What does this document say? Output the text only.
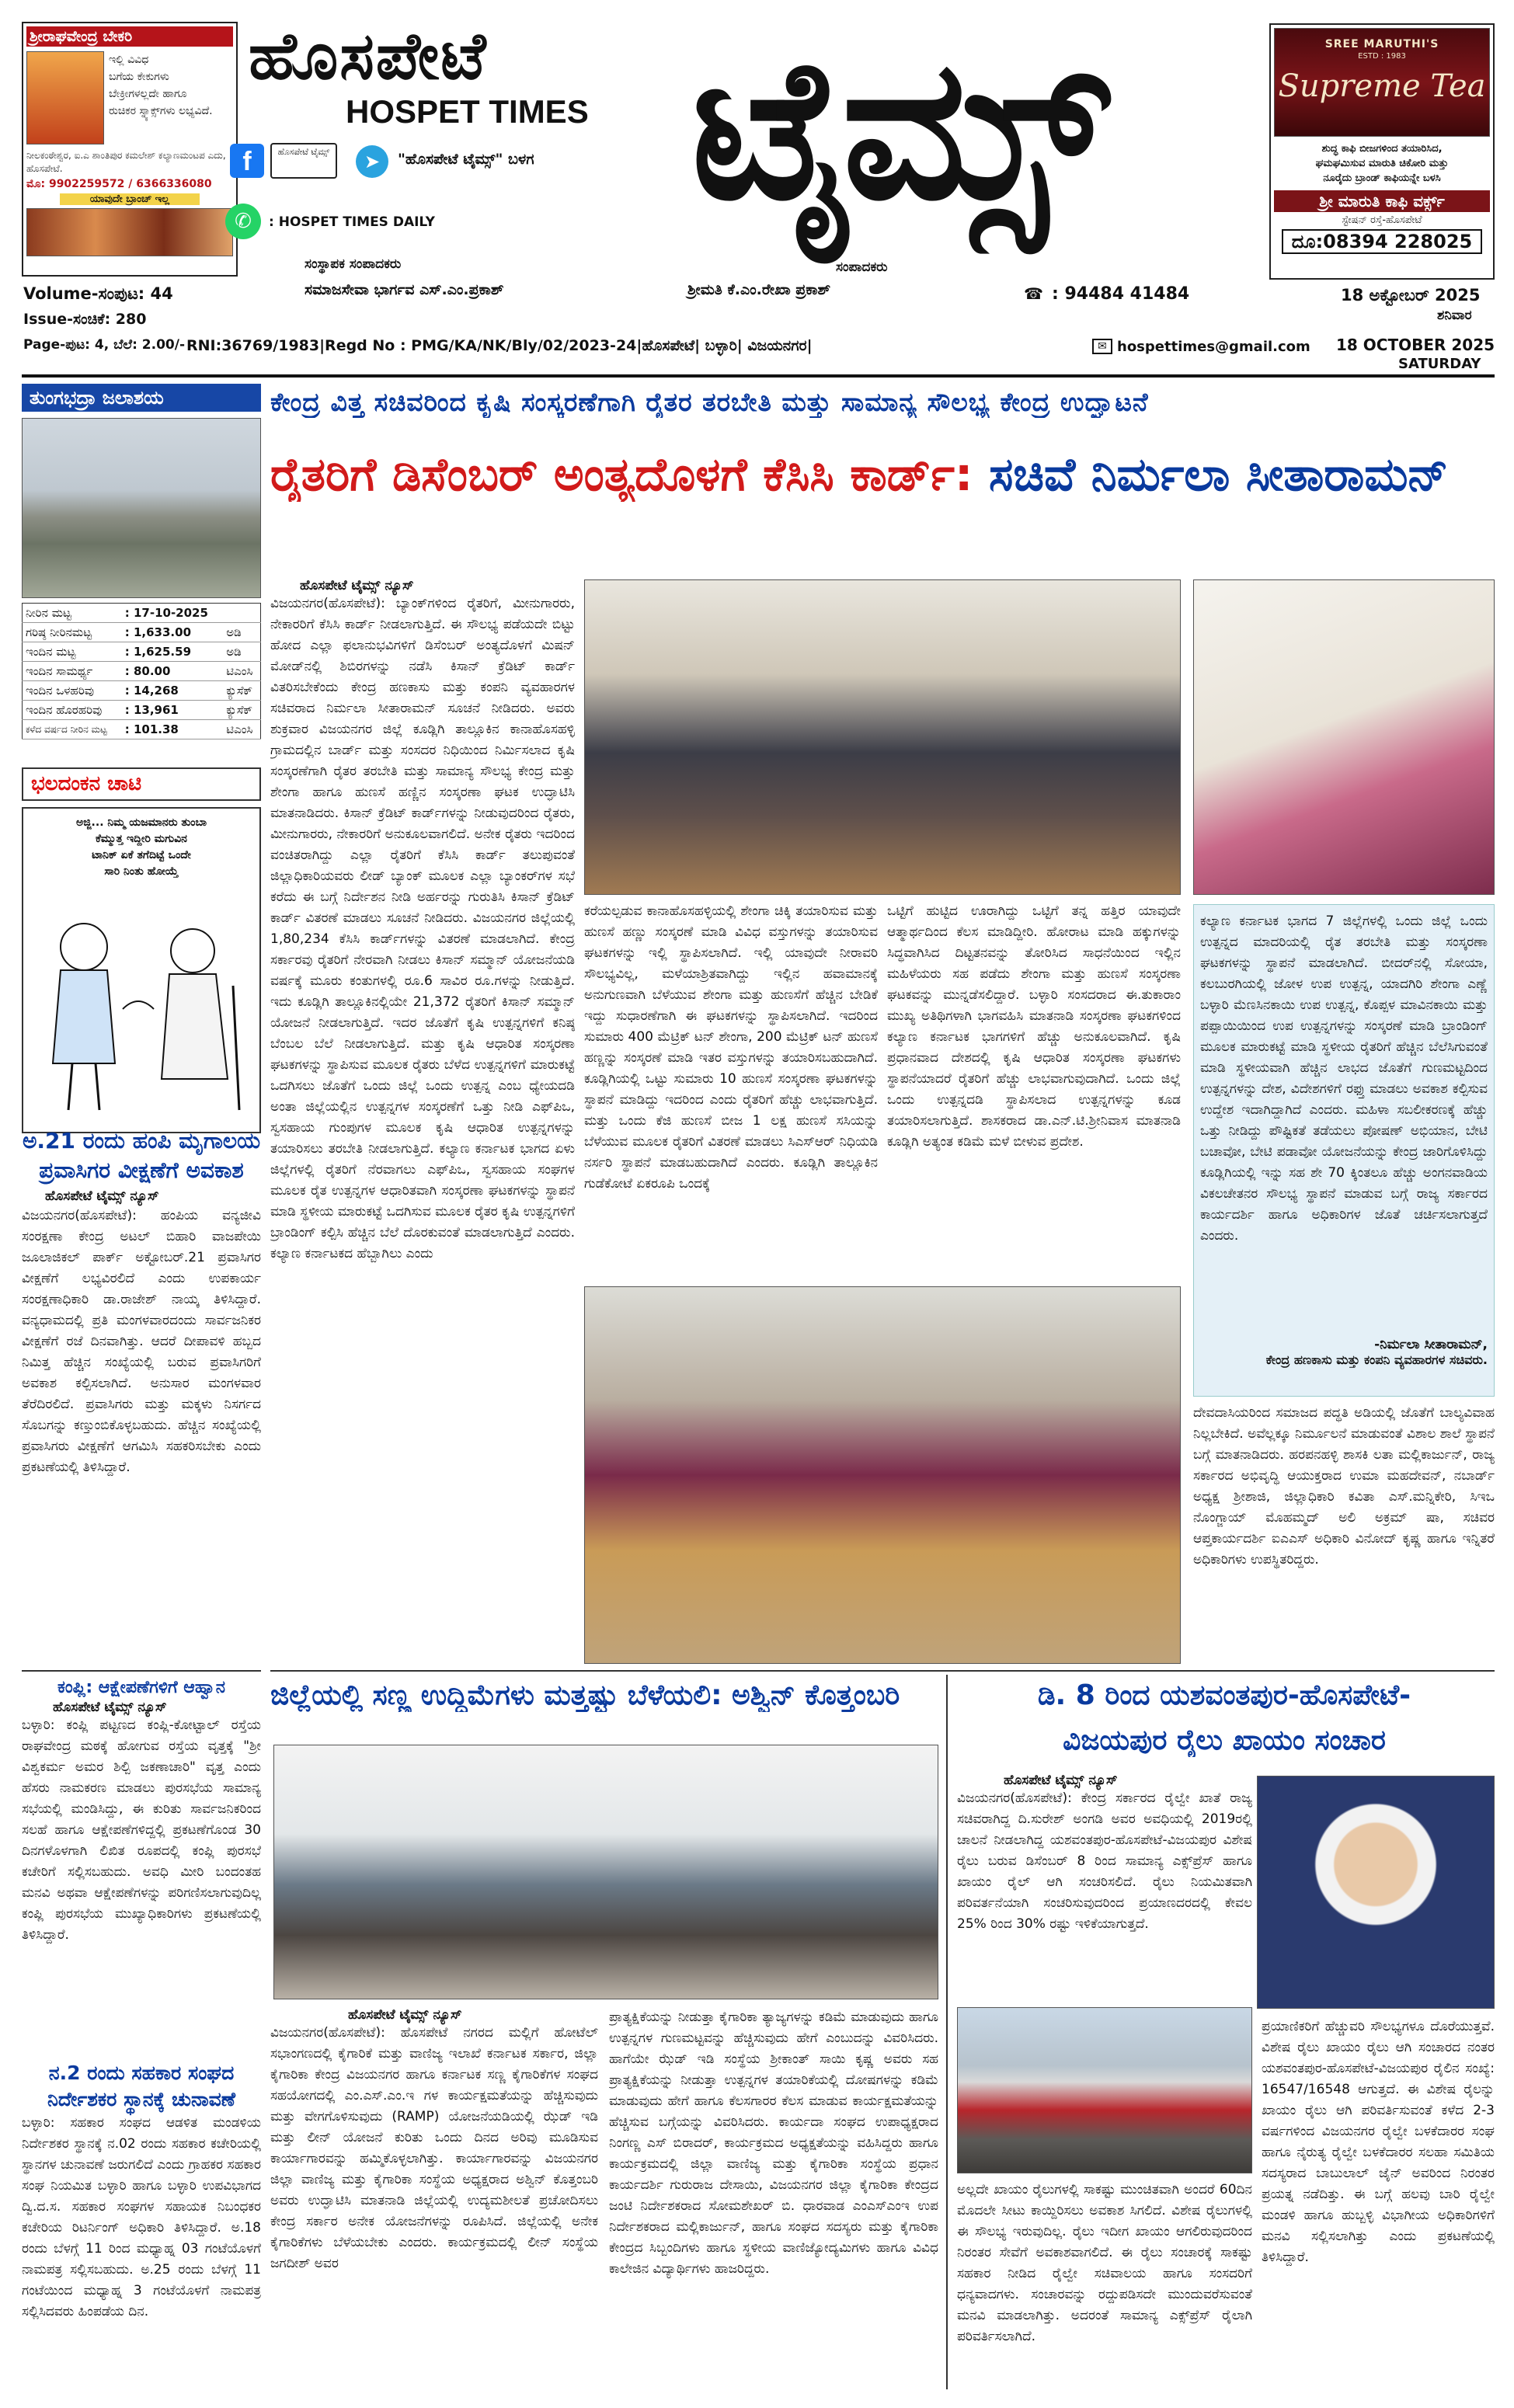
ಶ್ರೀರಾಘವೇಂದ್ರ ಬೇಕರಿ
ಇಲ್ಲಿ ವಿವಿಧ
ಬಗೆಯ ಕೇಕುಗಳು
ಬೇಕ್ರೀಗಳಲ್ಲದೇ ಹಾಗೂ
ರುಚಿಕರ ಸ್ನ್ಯಾಕ್ಸ್‌ಗಳು ಲಭ್ಯವಿದೆ.
ನೀಲಕಂಠೇಶ್ವರ, ಐ.ಎ ಶಾಂತಿಪುರ ಕಮಲೇಶ್ ಕಲ್ಯಾಣಮಂಟಪ ಎದು, ಹೊಸಪೇಟೆ.
ಮೊ: 9902259572 / 6366336080
ಯಾವುದೇ ಬ್ರಾಂಚ್ ಇಲ್ಲ
ಹೊಸಪೇಟೆ
HOSPET TIMES
f	ಹೊಸಪೇಟೆ ಟೈಮ್ಸ್	➤	"ಹೊಸಪೇಟೆ ಟೈಮ್ಸ್" ಬಳಗ
✆	: HOSPET TIMES DAILY ಟೈಮ್ಸ್	SREE MARUTHI'S
ESTD : 1983
Supreme Tea
ಶುದ್ಧ ಕಾಫಿ ಬೀಜಗಳಿಂದ ತಯಾರಿಸಿದ,
ಘಮಘಮಿಸುವ ಮಾರುತಿ ಚಿಕೋರಿ ಮತ್ತು
ನೂರೈದು ಬ್ರಾಂಡ್ ಕಾಫಿಯನ್ನೇ ಬಳಸಿ
ಶ್ರೀ ಮಾರುತಿ ಕಾಫಿ ವರ್ಕ್ಸ್
ಸ್ಟೇಷನ್ ರಸ್ತೆ-ಹೊಸಪೇಟೆ
ದೂ:08394 228025
ಸಂಸ್ಥಾಪಕ ಸಂಪಾದಕರು	ಸಂಪಾದಕರು
ಸಮಾಜಸೇವಾ ಭಾರ್ಗವ ಎಸ್.ಎಂ.ಪ್ರಕಾಶ್	ಶ್ರೀಮತಿ ಕೆ.ಎಂ.ರೇಖಾ ಪ್ರಕಾಶ್	☎ : 94484 41484
Volume-ಸಂಪುಟ: 44
Issue-ಸಂಚಿಕೆ: 280
Page-ಪುಟ: 4, ಬೆಲೆ: 2.00/- RNI:36769/1983|Regd No : PMG/KA/NK/Bly/02/2023-24|ಹೊಸಪೇಟೆ| ಬಳ್ಳಾರಿ| ವಿಜಯನಗರ|	✉ hospettimes@gmail.com
18 ಅಕ್ಟೋಬರ್ 2025
ಶನಿವಾರ
18 OCTOBER 2025
SATURDAY
ತುಂಗಭದ್ರಾ ಜಲಾಶಯ
ನೀರಿನ ಮಟ್ಟ	: 17-10-2025	
ಗರಿಷ್ಠ ನೀರಿನಮಟ್ಟ	: 1,633.00	ಅಡಿ
ಇಂದಿನ ಮಟ್ಟ	: 1,625.59	ಅಡಿ
ಇಂದಿನ ಸಾಮರ್ಥ್ಯ	: 80.00	ಟಿಎಂಸಿ
ಇಂದಿನ ಒಳಹರಿವು	: 14,268	ಕ್ಯುಸೆಕ್
ಇಂದಿನ ಹೊರಹರಿವು	: 13,961	ಕ್ಯುಸೆಕ್
ಕಳೆದ ವರ್ಷದ ನೀರಿನ ಮಟ್ಟ	: 101.38	ಟಿಎಂಸಿ
ಭಲದಂಕನ ಚಾಟಿ
ಅಜ್ಜಿ... ನಿಮ್ಮ ಯಜಮಾನರು ತುಂಬಾ
ಕೆಮ್ಮುತ್ತ ಇದ್ದೀರಿ ಮಗುವಿನ
ಟಾನಿಕ್ ಏಕೆ ತಗೆದಿಟ್ಟೆ ಒಂದೇ
ಸಾರಿ ನಿಂತು ಹೋಯ್ತೆ
ಅ.21 ರಂದು ಹಂಪಿ ಮೃಗಾಲಯ ಪ್ರವಾಸಿಗರ ವೀಕ್ಷಣೆಗೆ ಅವಕಾಶ
ಹೊಸಪೇಟೆ ಟೈಮ್ಸ್ ನ್ಯೂಸ್
ವಿಜಯನಗರ(ಹೊಸಪೇಟೆ): ಹಂಪಿಯ ವನ್ಯಜೀವಿ ಸಂರಕ್ಷಣಾ ಕೇಂದ್ರ ಅಟಲ್ ಬಿಹಾರಿ ವಾಜಪೇಯಿ ಜೂಲಾಜಿಕಲ್ ಪಾರ್ಕ್ ಅಕ್ಟೋಬರ್.21 ಪ್ರವಾಸಿಗರ ವೀಕ್ಷಣೆಗೆ ಲಭ್ಯವಿರಲಿದೆ ಎಂದು ಉಪಕಾರ್ಯ ಸಂರಕ್ಷಣಾಧಿಕಾರಿ ಡಾ.ರಾಜೇಶ್ ನಾಯ್ಕ ತಿಳಿಸಿದ್ದಾರೆ. ವನ್ಯಧಾಮದಲ್ಲಿ ಪ್ರತಿ ಮಂಗಳವಾರದಂದು ಸಾರ್ವಜನಿಕರ ವೀಕ್ಷಣೆಗೆ ರಜೆ ದಿನವಾಗಿತ್ತು. ಆದರೆ ದೀಪಾವಳಿ ಹಬ್ಬದ ನಿಮಿತ್ತ ಹೆಚ್ಚಿನ ಸಂಖ್ಯೆಯಲ್ಲಿ ಬರುವ ಪ್ರವಾಸಿಗರಿಗೆ ಅವಕಾಶ ಕಲ್ಪಿಸಲಾಗಿದೆ. ಅನುಸಾರ ಮಂಗಳವಾರ ತೆರೆದಿರಲಿದೆ. ಪ್ರವಾಸಿಗರು ಮತ್ತು ಮಕ್ಕಳು ನಿಸರ್ಗದ ಸೊಬಗನ್ನು ಕಣ್ತುಂಬಿಕೊಳ್ಳಬಹುದು. ಹೆಚ್ಚಿನ ಸಂಖ್ಯೆಯಲ್ಲಿ ಪ್ರವಾಸಿಗರು ವೀಕ್ಷಣೆಗೆ ಆಗಮಿಸಿ ಸಹಕರಿಸಬೇಕು ಎಂದು ಪ್ರಕಟಣೆಯಲ್ಲಿ ತಿಳಿಸಿದ್ದಾರೆ.
ಕೇಂದ್ರ ವಿತ್ತ ಸಚಿವರಿಂದ ಕೃಷಿ ಸಂಸ್ಕರಣೆಗಾಗಿ ರೈತರ ತರಬೇತಿ ಮತ್ತು ಸಾಮಾನ್ಯ ಸೌಲಭ್ಯ ಕೇಂದ್ರ ಉದ್ಘಾಟನೆ
ರೈತರಿಗೆ ಡಿಸೆಂಬರ್ ಅಂತ್ಯದೊಳಗೆ ಕೆಸಿಸಿ ಕಾರ್ಡ್: ಸಚಿವೆ ನಿರ್ಮಲಾ ಸೀತಾರಾಮನ್
ಹೊಸಪೇಟೆ ಟೈಮ್ಸ್ ನ್ಯೂಸ್
ವಿಜಯನಗರ(ಹೊಸಪೇಟೆ): ಬ್ಯಾಂಕ್‌ಗಳಿಂದ ರೈತರಿಗೆ, ಮೀನುಗಾರರು, ನೇಕಾರರಿಗೆ ಕೆಸಿಸಿ ಕಾರ್ಡ್ ನೀಡಲಾಗುತ್ತಿದೆ. ಈ ಸೌಲಭ್ಯ ಪಡೆಯದೇ ಬಿಟ್ಟು ಹೋದ ಎಲ್ಲಾ ಫಲಾನುಭವಿಗಳಿಗೆ ಡಿಸೆಂಬರ್ ಅಂತ್ಯದೊಳಗೆ ಮಿಷನ್ ಮೋಡ್‌ನಲ್ಲಿ ಶಿಬಿರಗಳನ್ನು ನಡೆಸಿ ಕಿಸಾನ್ ಕ್ರೆಡಿಟ್ ಕಾರ್ಡ್ ವಿತರಿಸಬೇಕೆಂದು ಕೇಂದ್ರ ಹಣಕಾಸು ಮತ್ತು ಕಂಪನಿ ವ್ಯವಹಾರಗಳ ಸಚಿವರಾದ ನಿರ್ಮಲಾ ಸೀತಾರಾಮನ್ ಸೂಚನೆ ನೀಡಿದರು. ಅವರು ಶುಕ್ರವಾರ ವಿಜಯನಗರ ಜಿಲ್ಲೆ ಕೂಡ್ಲಿಗಿ ತಾಲ್ಲೂಕಿನ ಕಾನಾಹೊಸಹಳ್ಳಿ ಗ್ರಾಮದಲ್ಲಿನ ಬಾರ್ಡ್ ಮತ್ತು ಸಂಸದರ ನಿಧಿಯಿಂದ ನಿರ್ಮಿಸಲಾದ ಕೃಷಿ ಸಂಸ್ಕರಣೆಗಾಗಿ ರೈತರ ತರಬೇತಿ ಮತ್ತು ಸಾಮಾನ್ಯ ಸೌಲಭ್ಯ ಕೇಂದ್ರ ಮತ್ತು ಶೇಂಗಾ ಹಾಗೂ ಹುಣಸೆ ಹಣ್ಣಿನ ಸಂಸ್ಕರಣಾ ಘಟಕ ಉದ್ಘಾಟಿಸಿ ಮಾತನಾಡಿದರು. ಕಿಸಾನ್ ಕ್ರೆಡಿಟ್ ಕಾರ್ಡ್‌ಗಳನ್ನು ನೀಡುವುದರಿಂದ ರೈತರು, ಮೀನುಗಾರರು, ನೇಕಾರರಿಗೆ ಅನುಕೂಲವಾಗಲಿದೆ. ಅನೇಕ ರೈತರು ಇದರಿಂದ ವಂಚಿತರಾಗಿದ್ದು ಎಲ್ಲಾ ರೈತರಿಗೆ ಕೆಸಿಸಿ ಕಾರ್ಡ್ ತಲುಪುವಂತೆ ಜಿಲ್ಲಾಧಿಕಾರಿಯವರು ಲೀಡ್ ಬ್ಯಾಂಕ್ ಮೂಲಕ ಎಲ್ಲಾ ಬ್ಯಾಂಕರ್‌ಗಳ ಸಭೆ ಕರೆದು ಈ ಬಗ್ಗೆ ನಿರ್ದೇಶನ ನೀಡಿ ಅರ್ಹರನ್ನು ಗುರುತಿಸಿ ಕಿಸಾನ್ ಕ್ರೆಡಿಟ್ ಕಾರ್ಡ್ ವಿತರಣೆ ಮಾಡಲು ಸೂಚನೆ ನೀಡಿದರು. ವಿಜಯನಗರ ಜಿಲ್ಲೆಯಲ್ಲಿ 1,80,234 ಕೆಸಿಸಿ ಕಾರ್ಡ್‌ಗಳನ್ನು ವಿತರಣೆ ಮಾಡಲಾಗಿದೆ. ಕೇಂದ್ರ ಸರ್ಕಾರವು ರೈತರಿಗೆ ನೇರವಾಗಿ ನೀಡಲು ಕಿಸಾನ್ ಸಮ್ಮಾನ್ ಯೋಜನೆಯಡಿ ವರ್ಷಕ್ಕೆ ಮೂರು ಕಂತುಗಳಲ್ಲಿ ರೂ.6 ಸಾವಿರ ರೂ.ಗಳನ್ನು ನೀಡುತ್ತಿದೆ. ಇದು ಕೂಡ್ಲಿಗಿ ತಾಲ್ಲೂಕಿನಲ್ಲಿಯೇ 21,372 ರೈತರಿಗೆ ಕಿಸಾನ್ ಸಮ್ಮಾನ್ ಯೋಜನೆ ನೀಡಲಾಗುತ್ತಿದೆ. ಇದರ ಜೊತೆಗೆ ಕೃಷಿ ಉತ್ಪನ್ನಗಳಿಗೆ ಕನಿಷ್ಠ ಬೆಂಬಲ ಬೆಲೆ ನೀಡಲಾಗುತ್ತಿದೆ. ಮತ್ತು ಕೃಷಿ ಆಧಾರಿತ ಸಂಸ್ಕರಣಾ ಘಟಕಗಳನ್ನು ಸ್ಥಾಪಿಸುವ ಮೂಲಕ ರೈತರು ಬೆಳೆದ ಉತ್ಪನ್ನಗಳಿಗೆ ಮಾರುಕಟ್ಟೆ ಒದಗಿಸಲು ಜೊತೆಗೆ ಒಂದು ಜಿಲ್ಲೆ ಒಂದು ಉತ್ಪನ್ನ ಎಂಬ ಧ್ಯೇಯದಡಿ ಅಂತಾ ಜಿಲ್ಲೆಯಲ್ಲಿನ ಉತ್ಪನ್ನಗಳ ಸಂಸ್ಕರಣೆಗೆ ಒತ್ತು ನೀಡಿ ಎಫ್‌ಪಿಒ, ಸ್ವಸಹಾಯ ಗುಂಪುಗಳ ಮೂಲಕ ಕೃಷಿ ಆಧಾರಿತ ಉತ್ಪನ್ನಗಳನ್ನು ತಯಾರಿಸಲು ತರಬೇತಿ ನೀಡಲಾಗುತ್ತಿದೆ. ಕಲ್ಯಾಣ ಕರ್ನಾಟಕ ಭಾಗದ ಏಳು ಜಿಲ್ಲೆಗಳಲ್ಲಿ ರೈತರಿಗೆ ನೆರವಾಗಲು ಎಫ್‌ಪಿಒ, ಸ್ವಸಹಾಯ ಸಂಘಗಳ ಮೂಲಕ ರೈತ ಉತ್ಪನ್ನಗಳ ಆಧಾರಿತವಾಗಿ ಸಂಸ್ಕರಣಾ ಘಟಕಗಳನ್ನು ಸ್ಥಾಪನೆ ಮಾಡಿ ಸ್ಥಳೀಯ ಮಾರುಕಟ್ಟೆ ಒದಗಿಸುವ ಮೂಲಕ ರೈತರ ಕೃಷಿ ಉತ್ಪನ್ನಗಳಿಗೆ ಬ್ರಾಂಡಿಂಗ್ ಕಲ್ಪಿಸಿ ಹೆಚ್ಚಿನ ಬೆಲೆ ದೊರಕುವಂತೆ ಮಾಡಲಾಗುತ್ತಿದೆ ಎಂದರು. ಕಲ್ಯಾಣ ಕರ್ನಾಟಕದ ಹೆಬ್ಬಾಗಿಲು ಎಂದು
ಕರೆಯಲ್ಪಡುವ ಕಾನಾಹೊಸಹಳ್ಳಿಯಲ್ಲಿ ಶೇಂಗಾ ಚಿಕ್ಕಿ ತಯಾರಿಸುವ ಮತ್ತು ಹುಣಸೆ ಹಣ್ಣು ಸಂಸ್ಕರಣೆ ಮಾಡಿ ವಿವಿಧ ವಸ್ತುಗಳನ್ನು ತಯಾರಿಸುವ ಘಟಕಗಳನ್ನು ಇಲ್ಲಿ ಸ್ಥಾಪಿಸಲಾಗಿದೆ. ಇಲ್ಲಿ ಯಾವುದೇ ನೀರಾವರಿ ಸೌಲಭ್ಯವಿಲ್ಲ, ಮಳೆಯಾಶ್ರಿತವಾಗಿದ್ದು ಇಲ್ಲಿನ ಹವಾಮಾನಕ್ಕೆ ಅನುಗುಣವಾಗಿ ಬೆಳೆಯುವ ಶೇಂಗಾ ಮತ್ತು ಹುಣಸೆಗೆ ಹೆಚ್ಚಿನ ಬೇಡಿಕೆ ಇದ್ದು ಸುಧಾರಣೆಗಾಗಿ ಈ ಘಟಕಗಳನ್ನು ಸ್ಥಾಪಿಸಲಾಗಿದೆ. ಇದರಿಂದ ಸುಮಾರು 400 ಮೆಟ್ರಿಕ್ ಟನ್ ಶೇಂಗಾ, 200 ಮೆಟ್ರಿಕ್ ಟನ್ ಹುಣಸೆ ಹಣ್ಣನ್ನು ಸಂಸ್ಕರಣೆ ಮಾಡಿ ಇತರ ವಸ್ತುಗಳನ್ನು ತಯಾರಿಸಬಹುದಾಗಿದೆ. ಕೂಡ್ಲಿಗಿಯಲ್ಲಿ ಒಟ್ಟು ಸುಮಾರು 10 ಹುಣಸೆ ಸಂಸ್ಕರಣಾ ಘಟಕಗಳನ್ನು ಸ್ಥಾಪನೆ ಮಾಡಿದ್ದು ಇದರಿಂದ ಎಂದು ರೈತರಿಗೆ ಹೆಚ್ಚು ಲಾಭವಾಗುತ್ತಿದೆ. ಮತ್ತು ಒಂದು ಕೆಜಿ ಹುಣಸೆ ಬೀಜ 1 ಲಕ್ಷ ಹುಣಸೆ ಸಸಿಯನ್ನು ಬೆಳೆಯುವ ಮೂಲಕ ರೈತರಿಗೆ ವಿತರಣೆ ಮಾಡಲು ಸಿಎಸ್‌ಆರ್ ನಿಧಿಯಡಿ ನರ್ಸರಿ ಸ್ಥಾಪನೆ ಮಾಡಬಹುದಾಗಿದೆ ಎಂದರು. ಕೂಡ್ಲಿಗಿ ತಾಲ್ಲೂಕಿನ ಗುಡೆಕೋಟೆ ಏಕರೂಪಿ ಒಂದಕ್ಕೆ
ಒಟ್ಟಿಗೆ ಹುಟ್ಟಿದ ಊರಾಗಿದ್ದು ಒಟ್ಟಿಗೆ ತನ್ನ ಹತ್ತಿರ ಯಾವುದೇ ಆತ್ಮಾರ್ಥದಿಂದ ಕೆಲಸ ಮಾಡಿದ್ದೀರಿ. ಹೋರಾಟ ಮಾಡಿ ಹಕ್ಕುಗಳನ್ನು ಸಿದ್ಧವಾಗಿಸಿದ ದಿಟ್ಟತನವನ್ನು ತೋರಿಸಿದ ಸಾಧನೆಯಿಂದ ಇಲ್ಲಿನ ಮಹಿಳೆಯರು ಸಹ ಪಡೆದು ಶೇಂಗಾ ಮತ್ತು ಹುಣಸೆ ಸಂಸ್ಕರಣಾ ಘಟಕವನ್ನು ಮುನ್ನಡೆಸಲಿದ್ದಾರೆ. ಬಳ್ಳಾರಿ ಸಂಸದರಾದ ಈ.ತುಕಾರಾಂ ಮುಖ್ಯ ಅತಿಥಿಗಳಾಗಿ ಭಾಗವಹಿಸಿ ಮಾತನಾಡಿ ಸಂಸ್ಕರಣಾ ಘಟಕಗಳಿಂದ ಕಲ್ಯಾಣ ಕರ್ನಾಟಕ ಭಾಗಗಳಿಗೆ ಹೆಚ್ಚು ಅನುಕೂಲವಾಗಿದೆ. ಕೃಷಿ ಪ್ರಧಾನವಾದ ದೇಶದಲ್ಲಿ ಕೃಷಿ ಆಧಾರಿತ ಸಂಸ್ಕರಣಾ ಘಟಕಗಳು ಸ್ಥಾಪನೆಯಾದರೆ ರೈತರಿಗೆ ಹೆಚ್ಚು ಲಾಭವಾಗುವುದಾಗಿದೆ. ಒಂದು ಜಿಲ್ಲೆ ಒಂದು ಉತ್ಪನ್ನದಡಿ ಸ್ಥಾಪಿಸಲಾದ ಉತ್ಪನ್ನಗಳನ್ನು ಕೂಡ ತಯಾರಿಸಲಾಗುತ್ತಿದೆ. ಶಾಸಕರಾದ ಡಾ.ಎನ್.ಟಿ.ಶ್ರೀನಿವಾಸ ಮಾತನಾಡಿ ಕೂಡ್ಲಿಗಿ ಅತ್ಯಂತ ಕಡಿಮೆ ಮಳೆ ಬೀಳುವ ಪ್ರದೇಶ.
ಕಲ್ಯಾಣ ಕರ್ನಾಟಕ ಭಾಗದ 7 ಜಿಲ್ಲೆಗಳಲ್ಲಿ ಒಂದು ಜಿಲ್ಲೆ ಒಂದು ಉತ್ಪನ್ನದ ಮಾದರಿಯಲ್ಲಿ ರೈತ ತರಬೇತಿ ಮತ್ತು ಸಂಸ್ಕರಣಾ ಘಟಕಗಳನ್ನು ಸ್ಥಾಪನೆ ಮಾಡಲಾಗಿದೆ. ಬೀದರ್‌ನಲ್ಲಿ ಸೋಯಾ, ಕಲಬುರಗಿಯಲ್ಲಿ ಜೋಳ ಉಪ ಉತ್ಪನ್ನ, ಯಾದಗಿರಿ ಶೇಂಗಾ ಎಣ್ಣೆ ಬಳ್ಳಾರಿ ಮೆಣಸಿನಕಾಯಿ ಉಪ ಉತ್ಪನ್ನ, ಕೊಪ್ಪಳ ಮಾವಿನಕಾಯಿ ಮತ್ತು ಪಪ್ಪಾಯಿಯಿಂದ ಉಪ ಉತ್ಪನ್ನಗಳನ್ನು ಸಂಸ್ಕರಣೆ ಮಾಡಿ ಬ್ರಾಂಡಿಂಗ್ ಮೂಲಕ ಮಾರುಕಟ್ಟೆ ಮಾಡಿ ಸ್ಥಳೀಯ ರೈತರಿಗೆ ಹೆಚ್ಚಿನ ಬೆಲೆಸಿಗುವಂತೆ ಮಾಡಿ ಸ್ಥಳೀಯವಾಗಿ ಹೆಚ್ಚಿನ ಲಾಭದ ಜೊತೆಗೆ ಗುಣಮಟ್ಟದಿಂದ ಉತ್ಪನ್ನಗಳನ್ನು ದೇಶ, ವಿದೇಶಗಳಿಗೆ ರಫ್ತು ಮಾಡಲು ಅವಕಾಶ ಕಲ್ಪಿಸುವ ಉದ್ದೇಶ ಇದಾಗಿದ್ದಾಗಿದೆ ಎಂದರು. ಮಹಿಳಾ ಸಬಲೀಕರಣಕ್ಕೆ ಹೆಚ್ಚು ಒತ್ತು ನೀಡಿದ್ದು ಪೌಷ್ಟಿಕತೆ ತಡೆಯಲು ಪೋಷಣ್ ಅಭಿಯಾನ, ಬೇಟಿ ಬಚಾವೋ, ಬೇಟಿ ಪಡಾವೋ ಯೋಜನೆಯನ್ನು ಕೇಂದ್ರ ಜಾರಿಗೊಳಿಸಿದ್ದು ಕೂಡ್ಲಿಗಿಯಲ್ಲಿ ಇನ್ನು ಸಹ ಶೇ 70 ಕ್ಕಿಂತಲೂ ಹೆಚ್ಚು ಅಂಗನವಾಡಿಯ ವಿಕಲಚೇತನರ ಸೌಲಭ್ಯ ಸ್ಥಾಪನೆ ಮಾಡುವ ಬಗ್ಗೆ ರಾಜ್ಯ ಸರ್ಕಾರದ ಕಾರ್ಯದರ್ಶಿ ಹಾಗೂ ಅಧಿಕಾರಿಗಳ ಜೊತೆ ಚರ್ಚಿಸಲಾಗುತ್ತದೆ ಎಂದರು.
-ನಿರ್ಮಲಾ ಸೀತಾರಾಮನ್,
ಕೇಂದ್ರ ಹಣಕಾಸು ಮತ್ತು ಕಂಪನಿ ವ್ಯವಹಾರಗಳ ಸಚಿವರು.
ದೇವದಾಸಿಯರಿಂದ ಸಮಾಜದ ಪದ್ಧತಿ ಅಡಿಯಲ್ಲಿ ಜೊತೆಗೆ ಬಾಲ್ಯವಿವಾಹ ನಿಲ್ಲಬೇಕಿದೆ. ಅವೆಲ್ಲಕ್ಕೂ ನಿರ್ಮೂಲನೆ ಮಾಡುವಂತೆ ವಿಶಾಲ ಶಾಲೆ ಸ್ಥಾಪನೆ ಬಗ್ಗೆ ಮಾತನಾಡಿದರು. ಹರಪನಹಳ್ಳಿ ಶಾಸಕಿ ಲತಾ ಮಲ್ಲಿಕಾರ್ಜುನ್, ರಾಜ್ಯ ಸರ್ಕಾರದ ಅಭಿವೃದ್ಧಿ ಆಯುಕ್ತರಾದ ಉಮಾ ಮಹದೇವನ್, ನಬಾರ್ಡ್ ಅಧ್ಯಕ್ಷ ಶ್ರೀಶಾಜಿ, ಜಿಲ್ಲಾಧಿಕಾರಿ ಕವಿತಾ ಎಸ್.ಮನ್ನಿಕೇರಿ, ಸಿಇಒ ನೊಂಗ್ಜಾಯ್ ಮೊಹಮ್ಮದ್ ಅಲಿ ಅಕ್ರಮ್ ಷಾ, ಸಚಿವರ ಆಪ್ತಕಾರ್ಯದರ್ಶಿ ಐಎಎಸ್ ಅಧಿಕಾರಿ ವಿನೋದ್ ಕೃಷ್ಣ ಹಾಗೂ ಇನ್ನಿತರೆ ಅಧಿಕಾರಿಗಳು ಉಪಸ್ಥಿತರಿದ್ದರು.
ಕಂಪ್ಲಿ: ಆಕ್ಷೇಪಣೆಗಳಿಗೆ ಆಹ್ವಾನ
ಹೊಸಪೇಟೆ ಟೈಮ್ಸ್ ನ್ಯೂಸ್
ಬಳ್ಳಾರಿ: ಕಂಪ್ಲಿ ಪಟ್ಟಣದ ಕಂಪ್ಲಿ-ಕೋಟ್ಟಾಲ್ ರಸ್ತೆಯ ರಾಘವೇಂದ್ರ ಮಠಕ್ಕೆ ಹೋಗುವ ರಸ್ತೆಯ ವೃತ್ತಕ್ಕೆ "ಶ್ರೀ ವಿಶ್ವಕರ್ಮ ಅಮರ ಶಿಲ್ಪಿ ಜಕಣಾಚಾರಿ" ವೃತ್ತ ಎಂದು ಹೆಸರು ನಾಮಕರಣ ಮಾಡಲು ಪುರಸಭೆಯ ಸಾಮಾನ್ಯ ಸಭೆಯಲ್ಲಿ ಮಂಡಿಸಿದ್ದು, ಈ ಕುರಿತು ಸಾರ್ವಜನಿಕರಿಂದ ಸಲಹೆ ಹಾಗೂ ಆಕ್ಷೇಪಣೆಗಳಿದ್ದಲ್ಲಿ ಪ್ರಕಟಣೆಗೊಂಡ 30 ದಿನಗಳೊಳಗಾಗಿ ಲಿಖಿತ ರೂಪದಲ್ಲಿ ಕಂಪ್ಲಿ ಪುರಸಭೆ ಕಚೇರಿಗೆ ಸಲ್ಲಿಸಬಹುದು. ಅವಧಿ ಮೀರಿ ಬಂದಂತಹ ಮನವಿ ಅಥವಾ ಆಕ್ಷೇಪಣೆಗಳನ್ನು ಪರಿಗಣಿಸಲಾಗುವುದಿಲ್ಲ ಕಂಪ್ಲಿ ಪುರಸಭೆಯ ಮುಖ್ಯಾಧಿಕಾರಿಗಳು ಪ್ರಕಟಣೆಯಲ್ಲಿ ತಿಳಿಸಿದ್ದಾರೆ.
ನ.2 ರಂದು ಸಹಕಾರ ಸಂಘದ ನಿರ್ದೇಶಕರ ಸ್ಥಾನಕ್ಕೆ ಚುನಾವಣೆ
ಬಳ್ಳಾರಿ: ಸಹಕಾರ ಸಂಘದ ಆಡಳಿತ ಮಂಡಳಿಯ ನಿರ್ದೇಶಕರ ಸ್ಥಾನಕ್ಕೆ ನ.02 ರಂದು ಸಹಕಾರ ಕಚೇರಿಯಲ್ಲಿ ಸ್ಥಾನಗಳ ಚುನಾವಣೆ ಜರುಗಲಿದೆ ಎಂದು ಗ್ರಾಹಕರ ಸಹಕಾರ ಸಂಘ ನಿಯಮಿತ ಬಳ್ಳಾರಿ ಹಾಗೂ ಬಳ್ಳಾರಿ ಉಪವಿಭಾಗದ ದ್ವಿ.ದ.ಸ. ಸಹಕಾರ ಸಂಘಗಳ ಸಹಾಯಕ ನಿಬಂಧಕರ ಕಚೇರಿಯ ರಿಟರ್ನಿಂಗ್ ಅಧಿಕಾರಿ ತಿಳಿಸಿದ್ದಾರೆ. ಅ.18 ರಂದು ಬೆಳಗ್ಗೆ 11 ರಿಂದ ಮಧ್ಯಾಹ್ನ 03 ಗಂಟೆಯೊಳಗೆ ನಾಮಪತ್ರ ಸಲ್ಲಿಸಬಹುದು. ಅ.25 ರಂದು ಬೆಳಗ್ಗೆ 11 ಗಂಟೆಯಿಂದ ಮಧ್ಯಾಹ್ನ 3 ಗಂಟೆಯೊಳಗೆ ನಾಮಪತ್ರ ಸಲ್ಲಿಸಿದವರು ಹಿಂಪಡೆಯ ದಿನ.
ಜಿಲ್ಲೆಯಲ್ಲಿ ಸಣ್ಣ ಉದ್ದಿಮೆಗಳು ಮತ್ತಷ್ಟು ಬೆಳೆಯಲಿ: ಅಶ್ವಿನ್ ಕೊತ್ತಂಬರಿ
ಹೊಸಪೇಟೆ ಟೈಮ್ಸ್ ನ್ಯೂಸ್
ವಿಜಯನಗರ(ಹೊಸಪೇಟೆ): ಹೊಸಪೇಟೆ ನಗರದ ಮಲ್ಲಿಗೆ ಹೋಟೆಲ್ ಸಭಾಂಗಣದಲ್ಲಿ ಕೈಗಾರಿಕೆ ಮತ್ತು ವಾಣಿಜ್ಯ ಇಲಾಖೆ ಕರ್ನಾಟಕ ಸರ್ಕಾರ, ಜಿಲ್ಲಾ ಕೈಗಾರಿಕಾ ಕೇಂದ್ರ ವಿಜಯನಗರ ಹಾಗೂ ಕರ್ನಾಟಕ ಸಣ್ಣ ಕೈಗಾರಿಕೆಗಳ ಸಂಘದ ಸಹಯೋಗದಲ್ಲಿ ಎಂ.ಎಸ್.ಎಂ.ಇ ಗಳ ಕಾರ್ಯಕ್ಷಮತೆಯನ್ನು ಹೆಚ್ಚಿಸುವುದು ಮತ್ತು ವೇಗಗೊಳಿಸುವುದು (RAMP) ಯೋಜನೆಯಡಿಯಲ್ಲಿ ಝೆಡ್ ಇಡಿ ಮತ್ತು ಲೀನ್ ಯೋಜನೆ ಕುರಿತು ಒಂದು ದಿನದ ಅರಿವು ಮೂಡಿಸುವ ಕಾರ್ಯಾಗಾರವನ್ನು ಹಮ್ಮಿಕೊಳ್ಳಲಾಗಿತ್ತು. ಕಾರ್ಯಾಗಾರವನ್ನು ವಿಜಯನಗರ ಜಿಲ್ಲಾ ವಾಣಿಜ್ಯ ಮತ್ತು ಕೈಗಾರಿಕಾ ಸಂಸ್ಥೆಯ ಅಧ್ಯಕ್ಷರಾದ ಅಶ್ವಿನ್ ಕೊತ್ತಂಬರಿ ಅವರು ಉದ್ಘಾಟಿಸಿ ಮಾತನಾಡಿ ಜಿಲ್ಲೆಯಲ್ಲಿ ಉದ್ಯಮಶೀಲತೆ ಪ್ರಚೋದಿಸಲು ಕೇಂದ್ರ ಸರ್ಕಾರ ಅನೇಕ ಯೋಜನೆಗಳನ್ನು ರೂಪಿಸಿದೆ. ಜಿಲ್ಲೆಯಲ್ಲಿ ಅನೇಕ ಕೈಗಾರಿಕೆಗಳು ಬೆಳೆಯಬೇಕು ಎಂದರು. ಕಾರ್ಯಕ್ರಮದಲ್ಲಿ ಲೀನ್ ಸಂಸ್ಥೆಯ ಜಗದೀಶ್ ಅವರ
ಪ್ರಾತ್ಯಕ್ಷಿಕೆಯನ್ನು ನೀಡುತ್ತಾ ಕೈಗಾರಿಕಾ ತ್ಯಾಜ್ಯಗಳನ್ನು ಕಡಿಮೆ ಮಾಡುವುದು ಹಾಗೂ ಉತ್ಪನ್ನಗಳ ಗುಣಮಟ್ಟವನ್ನು ಹೆಚ್ಚಿಸುವುದು ಹೇಗೆ ಎಂಬುದನ್ನು ವಿವರಿಸಿದರು. ಹಾಗೆಯೇ ಝೆಡ್ ಇಡಿ ಸಂಸ್ಥೆಯ ಶ್ರೀಕಾಂತ್ ಸಾಯಿ ಕೃಷ್ಣ ಅವರು ಸಹ ಪ್ರಾತ್ಯಕ್ಷಿಕೆಯನ್ನು ನೀಡುತ್ತಾ ಉತ್ಪನ್ನಗಳ ತಯಾರಿಕೆಯಲ್ಲಿ ದೋಷಗಳನ್ನು ಕಡಿಮೆ ಮಾಡುವುದು ಹೇಗೆ ಹಾಗೂ ಕೆಲಸಗಾರರ ಕೆಲಸ ಮಾಡುವ ಕಾರ್ಯಕ್ಷಮತೆಯನ್ನು ಹೆಚ್ಚಿಸುವ ಬಗ್ಗೆಯನ್ನು ವಿವರಿಸಿದರು. ಕಾರ್ಯದಾ ಸಂಘದ ಉಪಾಧ್ಯಕ್ಷರಾದ ನಿಂಗಣ್ಣ ಎಸ್ ಬಿರಾದರ್, ಕಾರ್ಯಕ್ರಮದ ಅಧ್ಯಕ್ಷತೆಯನ್ನು ವಹಿಸಿದ್ದರು ಹಾಗೂ ಕಾರ್ಯಕ್ರಮದಲ್ಲಿ ಜಿಲ್ಲಾ ವಾಣಿಜ್ಯ ಮತ್ತು ಕೈಗಾರಿಕಾ ಸಂಸ್ಥೆಯ ಪ್ರಧಾನ ಕಾರ್ಯದರ್ಶಿ ಗುರುರಾಜ ದೇಸಾಯಿ, ವಿಜಯನಗರ ಜಿಲ್ಲಾ ಕೈಗಾರಿಕಾ ಕೇಂದ್ರದ ಜಂಟಿ ನಿರ್ದೇಶಕರಾದ ಸೋಮಶೇಖರ್ ಬಿ. ಧಾರವಾಡ ಎಂಎಸ್‌ಎಂಇ ಉಪ ನಿರ್ದೇಶಕರಾದ ಮಲ್ಲಿಕಾರ್ಜುನ್, ಹಾಗೂ ಸಂಘದ ಸದಸ್ಯರು ಮತ್ತು ಕೈಗಾರಿಕಾ ಕೇಂದ್ರದ ಸಿಬ್ಬಂದಿಗಳು ಹಾಗೂ ಸ್ಥಳೀಯ ವಾಣಿಜ್ಯೋದ್ಯಮಿಗಳು ಹಾಗೂ ವಿವಿಧ ಕಾಲೇಜಿನ ವಿದ್ಯಾರ್ಥಿಗಳು ಹಾಜರಿದ್ದರು.
ಡಿ. 8 ರಿಂದ ಯಶವಂತಪುರ-ಹೊಸಪೇಟೆ-
ವಿಜಯಪುರ ರೈಲು ಖಾಯಂ ಸಂಚಾರ
ಹೊಸಪೇಟೆ ಟೈಮ್ಸ್ ನ್ಯೂಸ್
ವಿಜಯನಗರ(ಹೊಸಪೇಟೆ): ಕೇಂದ್ರ ಸರ್ಕಾರದ ರೈಲ್ವೇ ಖಾತೆ ರಾಜ್ಯ ಸಚಿವರಾಗಿದ್ದ ದಿ.ಸುರೇಶ್ ಅಂಗಡಿ ಅವರ ಅವಧಿಯಲ್ಲಿ 2019ರಲ್ಲಿ ಚಾಲನೆ ನೀಡಲಾಗಿದ್ದ ಯಶವಂತಪುರ-ಹೊಸಪೇಟೆ-ವಿಜಯಪುರ ವಿಶೇಷ ರೈಲು ಬರುವ ಡಿಸೆಂಬರ್ 8 ರಿಂದ ಸಾಮಾನ್ಯ ಎಕ್ಸ್‌ಪ್ರೆಸ್ ಹಾಗೂ ಖಾಯಂ ರೈಲ್ ಆಗಿ ಸಂಚರಿಸಲಿದೆ. ರೈಲು ನಿಯಮಿತವಾಗಿ ಪರಿವರ್ತನೆಯಾಗಿ ಸಂಚರಿಸುವುದರಿಂದ ಪ್ರಯಾಣದರದಲ್ಲಿ ಕೇವಲ 25% ರಿಂದ 30% ರಷ್ಟು ಇಳಿಕೆಯಾಗುತ್ತದೆ.
ಅಲ್ಲದೇ ಖಾಯಂ ರೈಲುಗಳಲ್ಲಿ ಸಾಕಷ್ಟು ಮುಂಚಿತವಾಗಿ ಅಂದರೆ 60ದಿನ ಮೊದಲೇ ಸೀಟು ಕಾಯ್ದಿರಿಸಲು ಅವಕಾಶ ಸಿಗಲಿದೆ. ವಿಶೇಷ ರೈಲುಗಳಲ್ಲಿ ಈ ಸೌಲಭ್ಯ ಇರುವುದಿಲ್ಲ. ರೈಲು ಇದೀಗ ಖಾಯಂ ಆಗಲಿರುವುದರಿಂದ ನಿರಂತರ ಸೇವೆಗೆ ಅವಕಾಶವಾಗಲಿದೆ. ಈ ರೈಲು ಸಂಚಾರಕ್ಕೆ ಸಾಕಷ್ಟು ಸಹಕಾರ ನೀಡಿದ ರೈಲ್ವೇ ಸಚಿವಾಲಯ ಹಾಗೂ ಸಂಸದರಿಗೆ ಧನ್ಯವಾದಗಳು. ಸಂಚಾರವನ್ನು ರದ್ದುಪಡಿಸದೇ ಮುಂದುವರೆಸುವಂತೆ ಮನವಿ ಮಾಡಲಾಗಿತ್ತು. ಅದರಂತೆ ಸಾಮಾನ್ಯ ಎಕ್ಸ್‌ಪ್ರೆಸ್ ರೈಲಾಗಿ ಪರಿವರ್ತಿಸಲಾಗಿದೆ.
ಪ್ರಯಾಣಿಕರಿಗೆ ಹೆಚ್ಚುವರಿ ಸೌಲಭ್ಯಗಳೂ ದೊರೆಯುತ್ತವೆ. ವಿಶೇಷ ರೈಲು ಖಾಯಂ ರೈಲು ಆಗಿ ಸಂಚಾರದ ನಂತರ ಯಶವಂತಪುರ-ಹೊಸಪೇಟೆ-ವಿಜಯಪುರ ರೈಲಿನ ಸಂಖ್ಯೆ: 16547/16548 ಆಗುತ್ತದೆ. ಈ ವಿಶೇಷ ರೈಲನ್ನು ಖಾಯಂ ರೈಲು ಆಗಿ ಪರಿವರ್ತಿಸುವಂತೆ ಕಳೆದ 2-3 ವರ್ಷಗಳಿಂದ ವಿಜಯನಗರ ರೈಲ್ವೇ ಬಳಕೆದಾರರ ಸಂಘ ಹಾಗೂ ನೈರುತ್ಯ ರೈಲ್ವೇ ಬಳಕೆದಾರರ ಸಲಹಾ ಸಮಿತಿಯ ಸದಸ್ಯರಾದ ಬಾಬುಲಾಲ್ ಜೈನ್ ಅವರಿಂದ ನಿರಂತರ ಪ್ರಯತ್ನ ನಡೆದಿತ್ತು. ಈ ಬಗ್ಗೆ ಹಲವು ಬಾರಿ ರೈಲ್ವೇ ಮಂಡಳಿ ಹಾಗೂ ಹುಬ್ಬಳ್ಳಿ ವಿಭಾಗೀಯ ಅಧಿಕಾರಿಗಳಿಗೆ ಮನವಿ ಸಲ್ಲಿಸಲಾಗಿತ್ತು ಎಂದು ಪ್ರಕಟಣೆಯಲ್ಲಿ ತಿಳಿಸಿದ್ದಾರೆ.
